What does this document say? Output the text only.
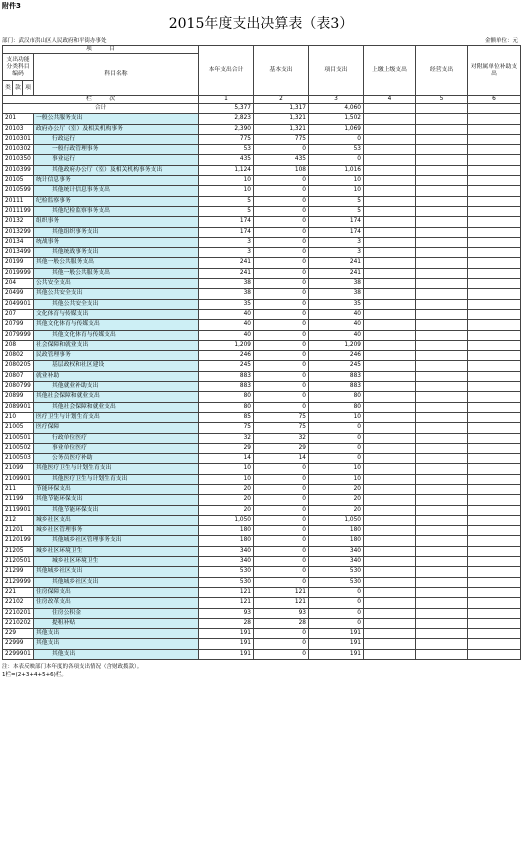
附件3
2015年度支出决算表（表3）
部门：武汉市洪山区人民政府和平街办事处	金额单位：元
项　　　目				本年支出合计	基本支出	项目支出	上缴上级支出	经营支出	对附属单位补助支出
支出功能分类科目编码			科目名称						
类	款	项							
栏　　　次				1	2	3	4	5	6
合计				5,377	1,317	4,060			
201			一般公共服务支出	2,823	1,321	1,502			
20103			政府办公厅（室）及相关机构事务	2,390	1,321	1,069			
2010301			行政运行	775	775	0			
2010302			一般行政管理事务	53	0	53			
2010350			事业运行	435	435	0			
2010399			其他政府办公厅（室）及相关机构事务支出	1,124	108	1,016			
20105			统计信息事务	10	0	10			
2010599			其他统计信息事务支出	10	0	10			
20111			纪检监察事务	5	0	5			
2011199			其他纪检监察事务支出	5	0	5			
20132			组织事务	174	0	174			
2013299			其他组织事务支出	174	0	174			
20134			统战事务	3	0	3			
2013499			其他统战事务支出	3	0	3			
20199			其他一般公共服务支出	241	0	241			
2019999			其他一般公共服务支出	241	0	241			
204			公共安全支出	38	0	38			
20499			其他公共安全支出	38	0	38			
2049901			其他公共安全支出	35	0	35			
207			文化体育与传媒支出	40	0	40			
20799			其他文化体育与传媒支出	40	0	40			
2079999			其他文化体育与传媒支出	40	0	40			
208			社会保障和就业支出	1,209	0	1,209			
20802			民政管理事务	246	0	246			
2080205			基层政权和社区建设	245	0	245			
20807			就业补助	883	0	883			
2080799			其他就业补助支出	883	0	883			
20899			其他社会保障和就业支出	80	0	80			
2089901			其他社会保障和就业支出	80	0	80			
210			医疗卫生与计划生育支出	85	75	10			
21005			医疗保障	75	75	0			
2100501			行政单位医疗	32	32	0			
2100502			事业单位医疗	29	29	0			
2100503			公务员医疗补助	14	14	0			
21099			其他医疗卫生与计划生育支出	10	0	10			
2109901			其他医疗卫生与计划生育支出	10	0	10			
211			节能环保支出	20	0	20			
21199			其他节能环保支出	20	0	20			
2119901			其他节能环保支出	20	0	20			
212			城乡社区支出	1,050	0	1,050			
21201			城乡社区管理事务	180	0	180			
2120199			其他城乡社区管理事务支出	180	0	180			
21205			城乡社区环境卫生	340	0	340			
2120501			城乡社区环境卫生	340	0	340			
21299			其他城乡社区支出	530	0	530			
2129999			其他城乡社区支出	530	0	530			
221			住房保障支出	121	121	0			
22102			住房改革支出	121	121	0			
2210201			住房公积金	93	93	0			
2210202			提租补贴	28	28	0			
229			其他支出	191	0	191			
22999			其他支出	191	0	191			
2299901			其他支出	191	0	191			
注：本表反映部门本年度的各项支出情况（含财政拨款）。
1栏=(2+3+4+5+6)栏。
